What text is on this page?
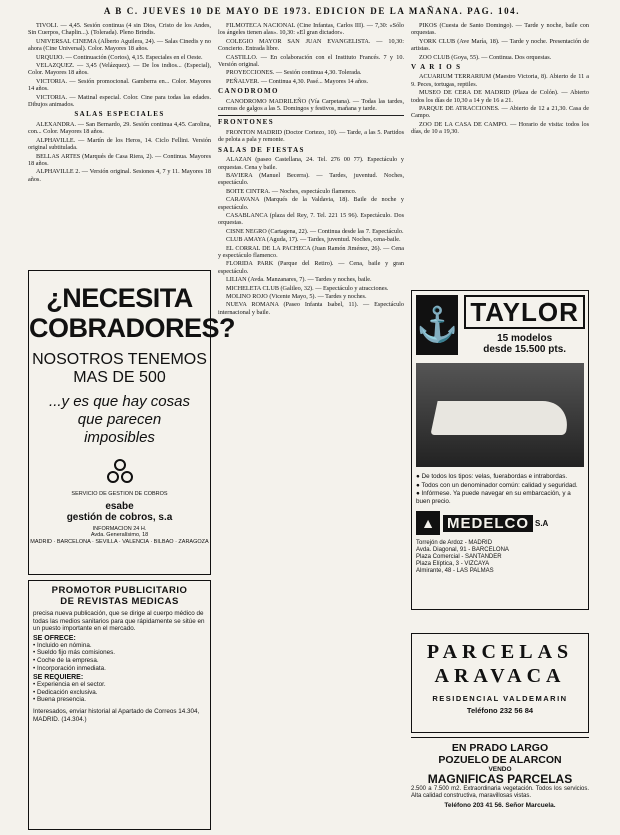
A B C. JUEVES 10 DE MAYO DE 1973. EDICION DE LA MAÑANA. PAG. 104.

TIVOLI. — 4,45. Sesión continua (4 sin Dios, Cristo de los Andes, Sin Cuerpos, Chaplin...). (Tolerada). Pleno Brindis.

UNIVERSAL CINEMA (Alberto Aguilera, 24). — Salas Cinedis y no ahora (Cine Universal). Color. Mayores 18 años.

URQUIJO. — Continuación (Cortos), 4,15. Especiales en el Oeste.

VELAZQUEZ. — 3,45 (Velázquez). — De los indios... (Especial), Color. Mayores 18 años.

VICTORIA. — Sesión promocional. Gamberra en... Color. Mayores 14 años.

VICTORIA. — Matinal especial. Color. Cine para todas las edades. Dibujos animados.

SALAS ESPECIALES

ALEXANDRA. — San Bernardo, 29. Sesión continua 4,45. Carolina, con... Color. Mayores 18 años.

ALPHAVILLE. — Martín de los Heros, 14. Ciclo Fellini. Versión original subtitulada.

BELLAS ARTES (Marqués de Casa Riera, 2). — Continua. Mayores 18 años.

ALPHAVILLE 2. — Versión original. Sesiones 4, 7 y 11. Mayores 18 años.

¿NECESITA
COBRADORES?
NOSOTROS TENEMOS
MAS DE 500
...y es que hay cosas
que parecen
imposibles
SERVICIO DE GESTION DE COBROS
esabe
gestión de cobros, s.a
INFORMACION 24 H.
Avda. Generalísimo, 18
MADRID · BARCELONA · SEVILLA · VALENCIA · BILBAO · ZARAGOZA
PROMOTOR PUBLICITARIO
DE REVISTAS MEDICAS
precisa nueva publicación, que se dirige al cuerpo médico de todas las medios sanitarios para que rápidamente se sitúe en un puesto importante en el mercado.
SE OFRECE:
• Incluido en nómina.
• Sueldo fijo más comisiones.
• Coche de la empresa.
• Incorporación inmediata.
SE REQUIERE:
• Experiencia en el sector.
• Dedicación exclusiva.
• Buena presencia.
Interesados, enviar historial al Apartado de Correos 14.304, MADRID. (14.304.)

FILMOTECA NACIONAL (Cine Infantas, Carlos III). — 7,30: «Sólo los ángeles tienen alas». 10,30: «El gran dictador».

COLEGIO MAYOR SAN JUAN EVANGELISTA. — 10,30: Concierto. Entrada libre.

CASTILLO. — En colaboración con el Instituto Francés. 7 y 10. Versión original.

PROYECCIONES. — Sesión continua 4,30. Tolerada.

PEÑALVER. — Continua 4,30. Pasé... Mayores 14 años.

CANODROMO

CANODROMO MADRILEÑO (Vía Carpetana). — Todas las tardes, carreras de galgos a las 5. Domingos y festivos, mañana y tarde.

FRONTONES

FRONTON MADRID (Doctor Cortezo, 10). — Tarde, a las 5. Partidos de pelota a pala y remonte.

SALAS DE FIESTAS

ALAZAN (paseo Castellana, 24. Tel. 276 00 77). Espectáculo y orquestas. Cena y baile.

BAVIERA (Manuel Becerra). — Tardes, juventud. Noches, espectáculo.

BOITE CINTRA. — Noches, espectáculo flamenco.

CARAVANA (Marqués de la Valdavia, 18). Baile de noche y espectáculo.

CASABLANCA (plaza del Rey, 7. Tel. 221 15 96). Espectáculo. Dos orquestas.

CISNE NEGRO (Cartagena, 22). — Continua desde las 7. Espectáculo.

CLUB AMAYA (Aguda, 17). — Tardes, juventud. Noches, cena-baile.

EL CORRAL DE LA PACHECA (Juan Ramón Jiménez, 26). — Cena y espectáculo flamenco.

FLORIDA PARK (Parque del Retiro). — Cena, baile y gran espectáculo.

LILIAN (Avda. Manzanares, 7). — Tardes y noches, baile.

MICHELETA CLUB (Galileo, 32). — Espectáculo y atracciones.

MOLINO ROJO (Vicente Mayo, 5). — Tardes y noches.

NUEVA ROMANA (Paseo Infanta Isabel, 11). — Espectáculo internacional y baile.

PIKOS (Cuesta de Santo Domingo). — Tarde y noche, baile con orquestas.

YORK CLUB (Ave María, 18). — Tarde y noche. Presentación de artistas.

ZOO CLUB (Goya, 55). — Continua. Dos orquestas.

V A R I O S

ACUARIUM TERRARIUM (Maestro Victoria, 8). Abierto de 11 a 9. Peces, tortugas, reptiles.

MUSEO DE CERA DE MADRID (Plaza de Colón). — Abierto todos los días de 10,30 a 14 y de 16 a 21.

PARQUE DE ATRACCIONES. — Abierto de 12 a 21,30. Casa de Campo.

ZOO DE LA CASA DE CAMPO. — Horario de visita: todos los días, de 10 a 19,30.

⚓ TAYLOR
15 modelos
desde 15.500 pts.
● De todos los tipos: velas, fuerabordas e intrabordas.
● Todos con un denominador común: calidad y seguridad.
● Infórmese. Ya puede navegar en su embarcación, y a buen precio.
▲ MEDELCO S.A
Torrejón de Ardoz - MADRID
Avda. Diagonal, 91 - BARCELONA
Plaza Comercial - SANTANDER
Plaza Elíptica, 3 - VIZCAYA
Almirante, 48 - LAS PALMAS
PARCELAS
ARAVACA
RESIDENCIAL VALDEMARIN
Teléfono 232 56 84
EN PRADO LARGO
POZUELO DE ALARCON
VENDO
MAGNIFICAS PARCELAS
2.500 a 7.500 m2. Extraordinaria vegetación. Todos los servicios. Alta calidad constructiva, maravillosas vistas.
Teléfono 203 41 56. Señor Marcuela.
